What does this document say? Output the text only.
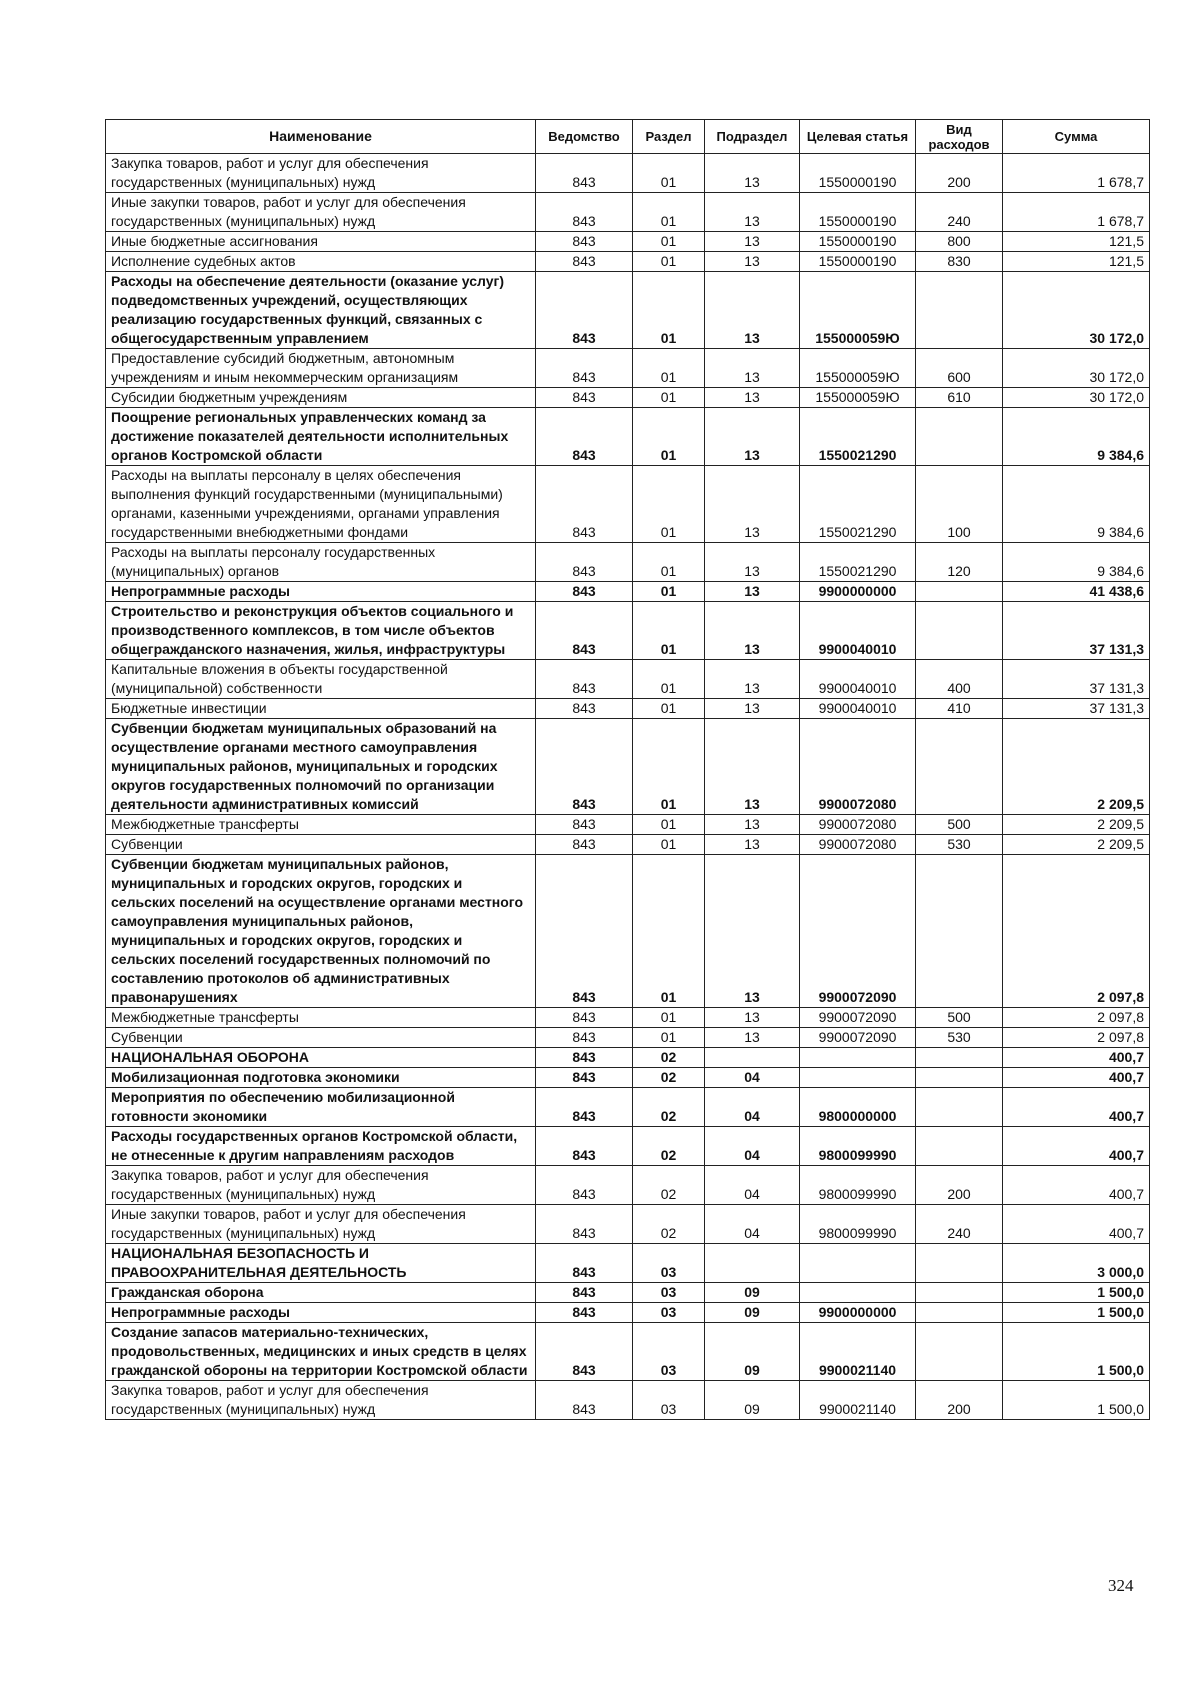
Наименование	Ведомство	Раздел	Подраздел	Целевая статья	Вид расходов	Сумма
Закупка товаров, работ и услуг для обеспечения государственных (муниципальных) нужд	843	01	13	1550000190	200	1 678,7
Иные закупки товаров, работ и услуг для обеспечения государственных (муниципальных) нужд	843	01	13	1550000190	240	1 678,7
Иные бюджетные ассигнования	843	01	13	1550000190	800	121,5
Исполнение судебных актов	843	01	13	1550000190	830	121,5
Расходы на обеспечение деятельности (оказание услуг) подведомственных учреждений, осуществляющих реализацию государственных функций, связанных с общегосударственным управлением	843	01	13	155000059Ю		30 172,0
Предоставление субсидий бюджетным, автономным учреждениям и иным некоммерческим организациям	843	01	13	155000059Ю	600	30 172,0
Субсидии бюджетным учреждениям	843	01	13	155000059Ю	610	30 172,0
Поощрение региональных управленческих команд за достижение показателей деятельности исполнительных органов Костромской области	843	01	13	1550021290		9 384,6
Расходы на выплаты персоналу в целях обеспечения выполнения функций государственными (муниципальными) органами, казенными учреждениями, органами управления государственными внебюджетными фондами	843	01	13	1550021290	100	9 384,6
Расходы на выплаты персоналу государственных (муниципальных) органов	843	01	13	1550021290	120	9 384,6
Непрограммные расходы	843	01	13	9900000000		41 438,6
Строительство и реконструкция объектов социального и производственного комплексов, в том числе объектов общегражданского назначения, жилья, инфраструктуры	843	01	13	9900040010		37 131,3
Капитальные вложения в объекты государственной (муниципальной) собственности	843	01	13	9900040010	400	37 131,3
Бюджетные инвестиции	843	01	13	9900040010	410	37 131,3
Субвенции бюджетам муниципальных образований на осуществление органами местного самоуправления муниципальных районов, муниципальных и городских округов государственных полномочий по организации деятельности административных комиссий	843	01	13	9900072080		2 209,5
Межбюджетные трансферты	843	01	13	9900072080	500	2 209,5
Субвенции	843	01	13	9900072080	530	2 209,5
Субвенции бюджетам муниципальных районов, муниципальных и городских округов, городских и сельских поселений на осуществление органами местного самоуправления муниципальных районов, муниципальных и городских округов, городских и сельских поселений государственных полномочий по составлению протоколов об административных правонарушениях	843	01	13	9900072090		2 097,8
Межбюджетные трансферты	843	01	13	9900072090	500	2 097,8
Субвенции	843	01	13	9900072090	530	2 097,8
НАЦИОНАЛЬНАЯ ОБОРОНА	843	02				400,7
Мобилизационная подготовка экономики	843	02	04			400,7
Мероприятия по обеспечению мобилизационной готовности экономики	843	02	04	9800000000		400,7
Расходы государственных органов Костромской области, не отнесенные к другим направлениям расходов	843	02	04	9800099990		400,7
Закупка товаров, работ и услуг для обеспечения государственных (муниципальных) нужд	843	02	04	9800099990	200	400,7
Иные закупки товаров, работ и услуг для обеспечения государственных (муниципальных) нужд	843	02	04	9800099990	240	400,7
НАЦИОНАЛЬНАЯ БЕЗОПАСНОСТЬ И ПРАВООХРАНИТЕЛЬНАЯ ДЕЯТЕЛЬНОСТЬ	843	03				3 000,0
Гражданская оборона	843	03	09			1 500,0
Непрограммные расходы	843	03	09	9900000000		1 500,0
Создание запасов материально-технических, продовольственных, медицинских и иных средств в целях гражданской обороны на территории Костромской области	843	03	09	9900021140		1 500,0
Закупка товаров, работ и услуг для обеспечения государственных (муниципальных) нужд	843	03	09	9900021140	200	1 500,0
324
